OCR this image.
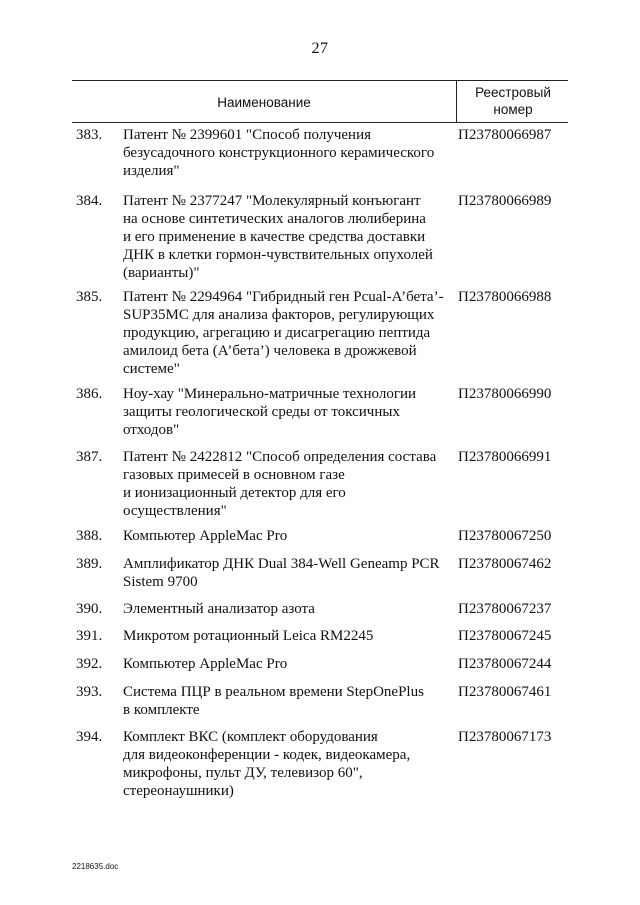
27
Наименование
Реестровый
номер
383.	Патент № 2399601 "Способ получения
безусадочного конструкционного керамического
изделия"
П23780066987
384.	Патент № 2377247 "Молекулярный конъюгант
на основе синтетических аналогов люлиберина
и его применение в качестве средства доставки
ДНК в клетки гормон-чувствительных опухолей
(варианты)"
П23780066989
385.	Патент № 2294964 "Гибридный ген Pcual-А’бета’-
SUP35MC для анализа факторов, регулирующих
продукцию, агрегацию и дисагрегацию пептида
амилоид бета (А’бета’) человека в дрожжевой
системе"
П23780066988
386.	Ноу-хау "Минерально-матричные технологии
защиты геологической среды от токсичных
отходов"
П23780066990
387.	Патент № 2422812 "Способ определения состава
газовых примесей в основном газе
и ионизационный детектор для его
осуществления"
П23780066991
388.	Компьютер AppleMac Pro	П23780067250
389.	Амплификатор ДНК Dual 384-Well Geneamp PCR
Sistem 9700
П23780067462
390.	Элементный анализатор азота	П23780067237
391.	Микротом ротационный Leica RM2245	П23780067245
392.	Компьютер AppleMac Pro	П23780067244
393.	Система ПЦР в реальном времени StepOnePlus
в комплекте
П23780067461
394.	Комплект ВКС (комплект оборудования
для видеоконференции - кодек, видеокамера,
микрофоны, пульт ДУ, телевизор 60",
стереонаушники)
П23780067173
2218635.doc
